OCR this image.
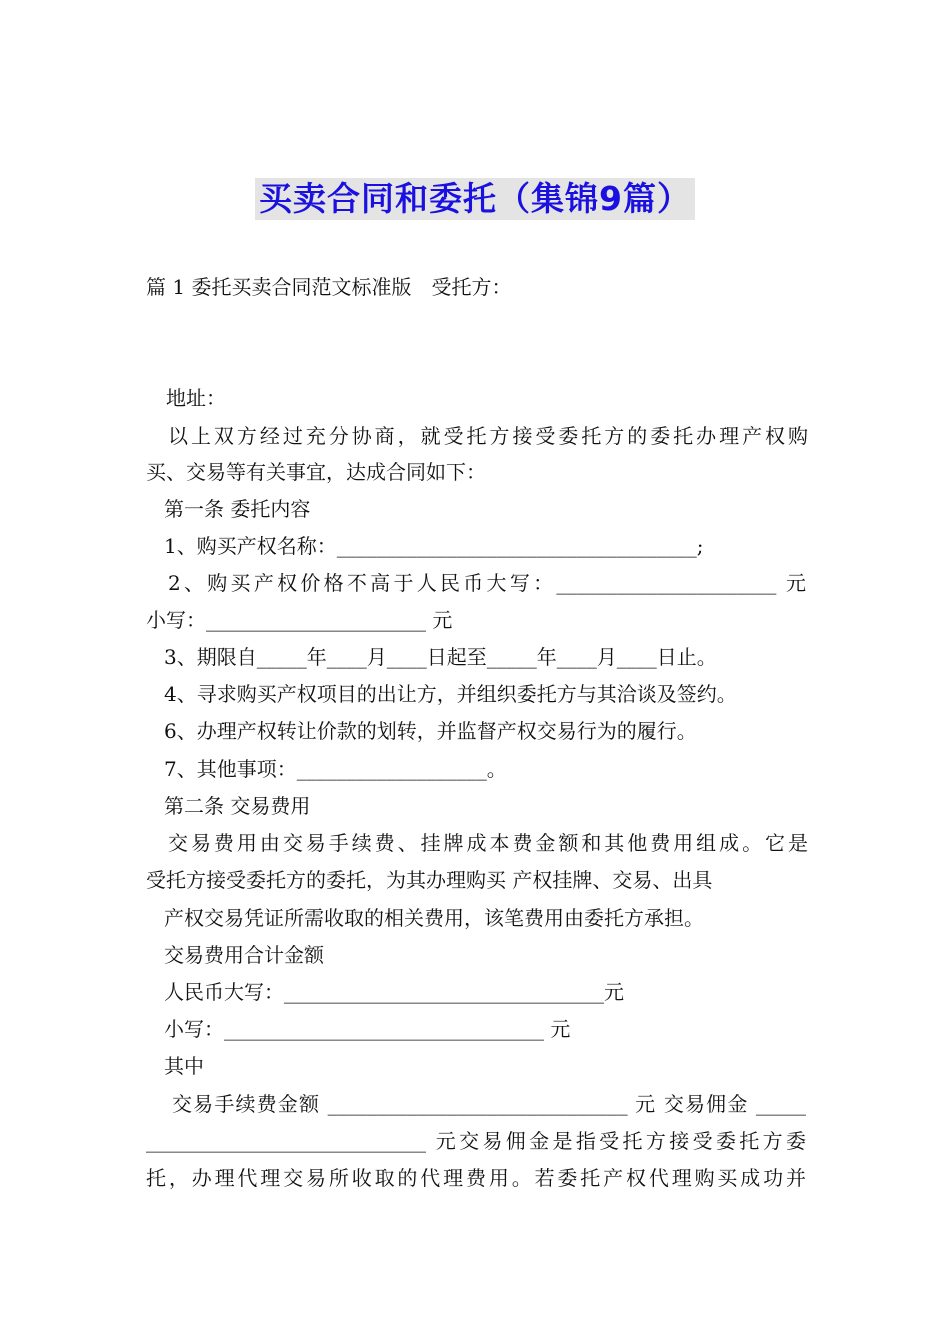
买卖合同和委托（集锦9篇）
篇 1 委托买卖合同范文标准版　受托方：
地址：
以上双方经过充分协商，就受托方接受委托方的委托办理产权购
买、交易等有关事宜，达成合同如下：
第一条 委托内容
1、购买产权名称：____________________________________;
2、购买产权价格不高于人民币大写：______________________ 元
小写：______________________ 元
3、期限自_____年____月____日起至_____年____月____日止。
4、寻求购买产权项目的出让方，并组织委托方与其洽谈及签约。
6、办理产权转让价款的划转，并监督产权交易行为的履行。
7、其他事项：___________________。
第二条 交易费用
交易费用由交易手续费、挂牌成本费金额和其他费用组成。它是
受托方接受委托方的委托，为其办理购买 产权挂牌、交易、出具
产权交易凭证所需收取的相关费用，该笔费用由委托方承担。
交易费用合计金额
人民币大写：________________________________元
小写：________________________________ 元
其中
交易手续费金额 ______________________________ 元 交易佣金 _____
____________________________ 元交易佣金是指受托方接受委托方委
托，办理代理交易所收取的代理费用。若委托产权代理购买成功并
